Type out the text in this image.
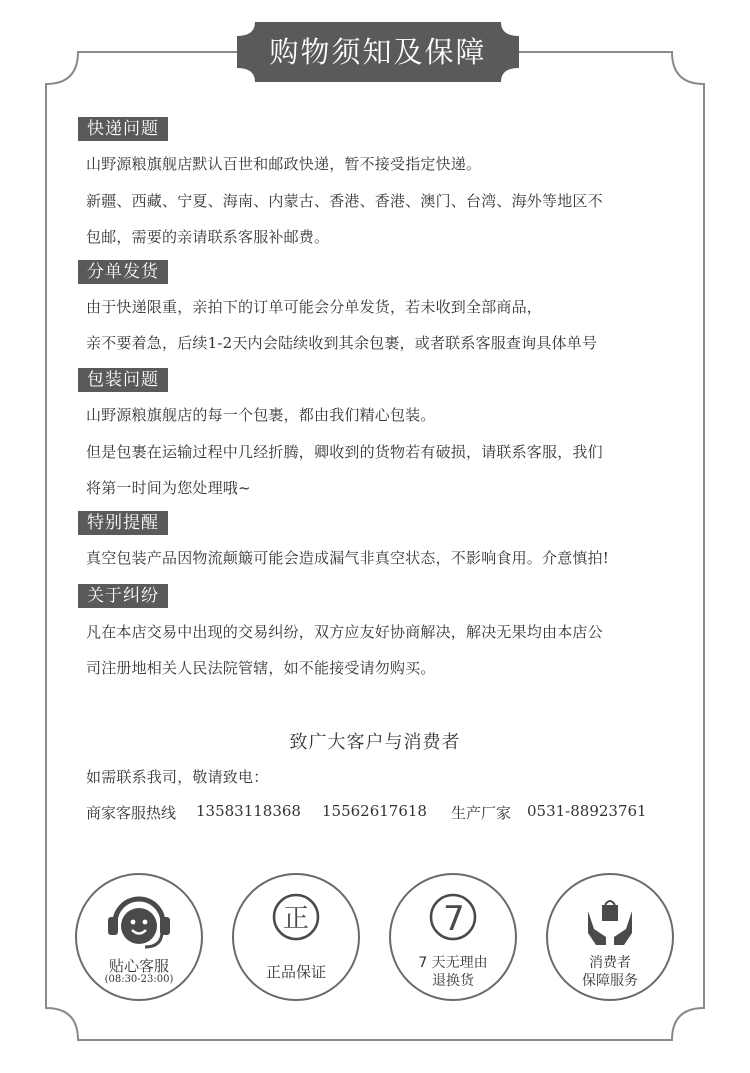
购物须知及保障
快递问题
山野源粮旗舰店默认百世和邮政快递，暂不接受指定快递。
新疆、西藏、宁夏、海南、内蒙古、香港、香港、澳门、台湾、海外等地区不
包邮，需要的亲请联系客服补邮费。
分单发货
由于快递限重，亲拍下的订单可能会分单发货，若未收到全部商品，
亲不要着急，后续1-2天内会陆续收到其余包裹，或者联系客服查询具体单号
包装问题
山野源粮旗舰店的每一个包裹，都由我们精心包装。
但是包裹在运输过程中几经折腾，卿收到的货物若有破损，请联系客服，我们
将第一时间为您处理哦~
特别提醒
真空包装产品因物流颠簸可能会造成漏气非真空状态，不影响食用。介意慎拍!
关于纠纷
凡在本店交易中出现的交易纠纷，双方应友好协商解决，解决无果均由本店公
司注册地相关人民法院管辖，如不能接受请勿购买。
致广大客户与消费者
如需联系我司，敬请致电：
商家客服热线 13583118368 15562617618 生产厂家 0531-88923761
贴心客服
(08:30-23:00)
正
正品保证
7
7 天无理由
退换货
消费者
保障服务
